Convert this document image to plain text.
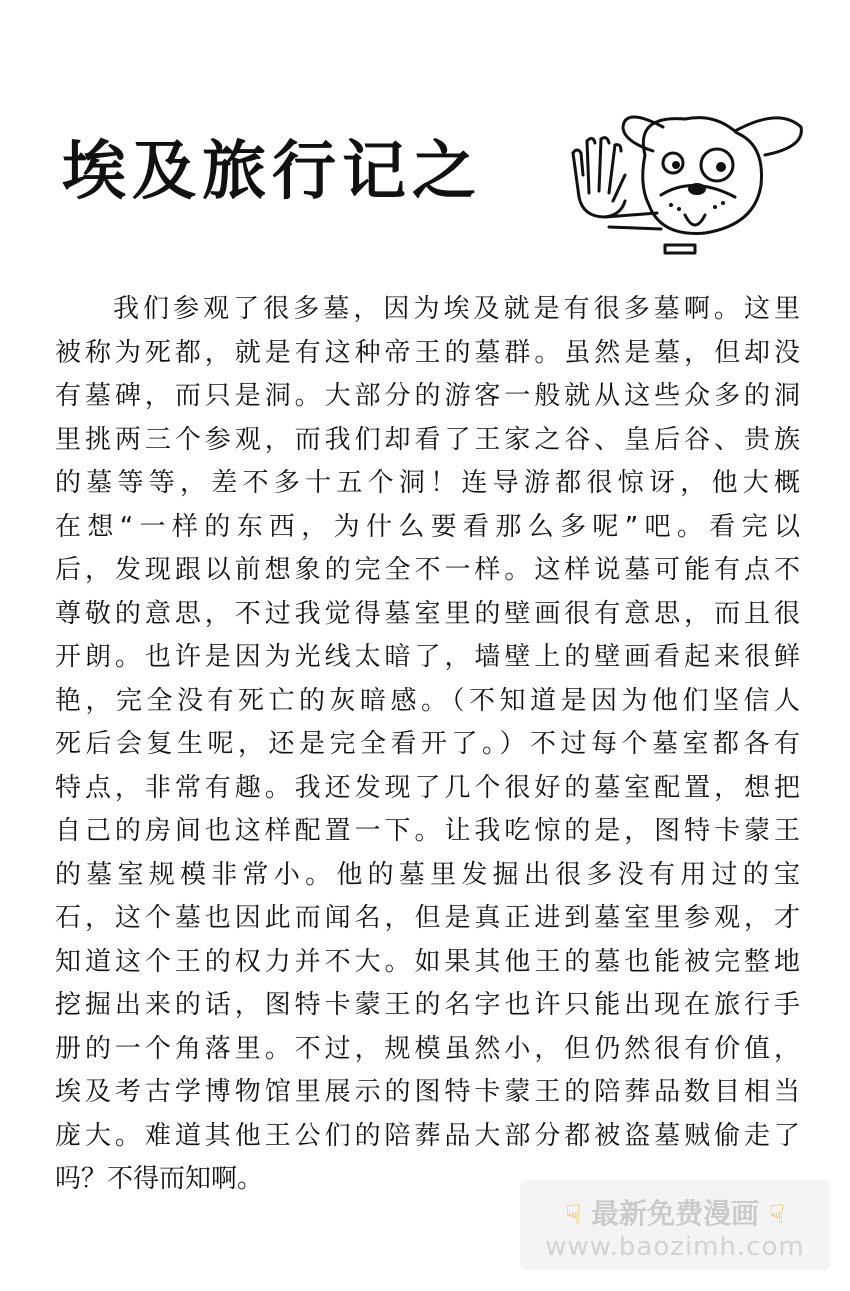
埃及旅行记之
我们参观了很多墓，因为埃及就是有很多墓啊。这里
被称为死都，就是有这种帝王的墓群。虽然是墓，但却没
有墓碑，而只是洞。大部分的游客一般就从这些众多的洞
里挑两三个参观，而我们却看了王家之谷、皇后谷、贵族
的墓等等，差不多十五个洞！连导游都很惊讶，他大概
在想“一样的东西，为什么要看那么多呢”吧。看完以
后，发现跟以前想象的完全不一样。这样说墓可能有点不
尊敬的意思，不过我觉得墓室里的壁画很有意思，而且很
开朗。也许是因为光线太暗了，墙壁上的壁画看起来很鲜
艳，完全没有死亡的灰暗感。（不知道是因为他们坚信人
死后会复生呢，还是完全看开了。）不过每个墓室都各有
特点，非常有趣。我还发现了几个很好的墓室配置，想把
自己的房间也这样配置一下。让我吃惊的是，图特卡蒙王
的墓室规模非常小。他的墓里发掘出很多没有用过的宝
石，这个墓也因此而闻名，但是真正进到墓室里参观，才
知道这个王的权力并不大。如果其他王的墓也能被完整地
挖掘出来的话，图特卡蒙王的名字也许只能出现在旅行手
册的一个角落里。不过，规模虽然小，但仍然很有价值，
埃及考古学博物馆里展示的图特卡蒙王的陪葬品数目相当
庞大。难道其他王公们的陪葬品大部分都被盗墓贼偷走了
吗？不得而知啊。
☟ 最新免费漫画 ☟
www.baozimh.com
